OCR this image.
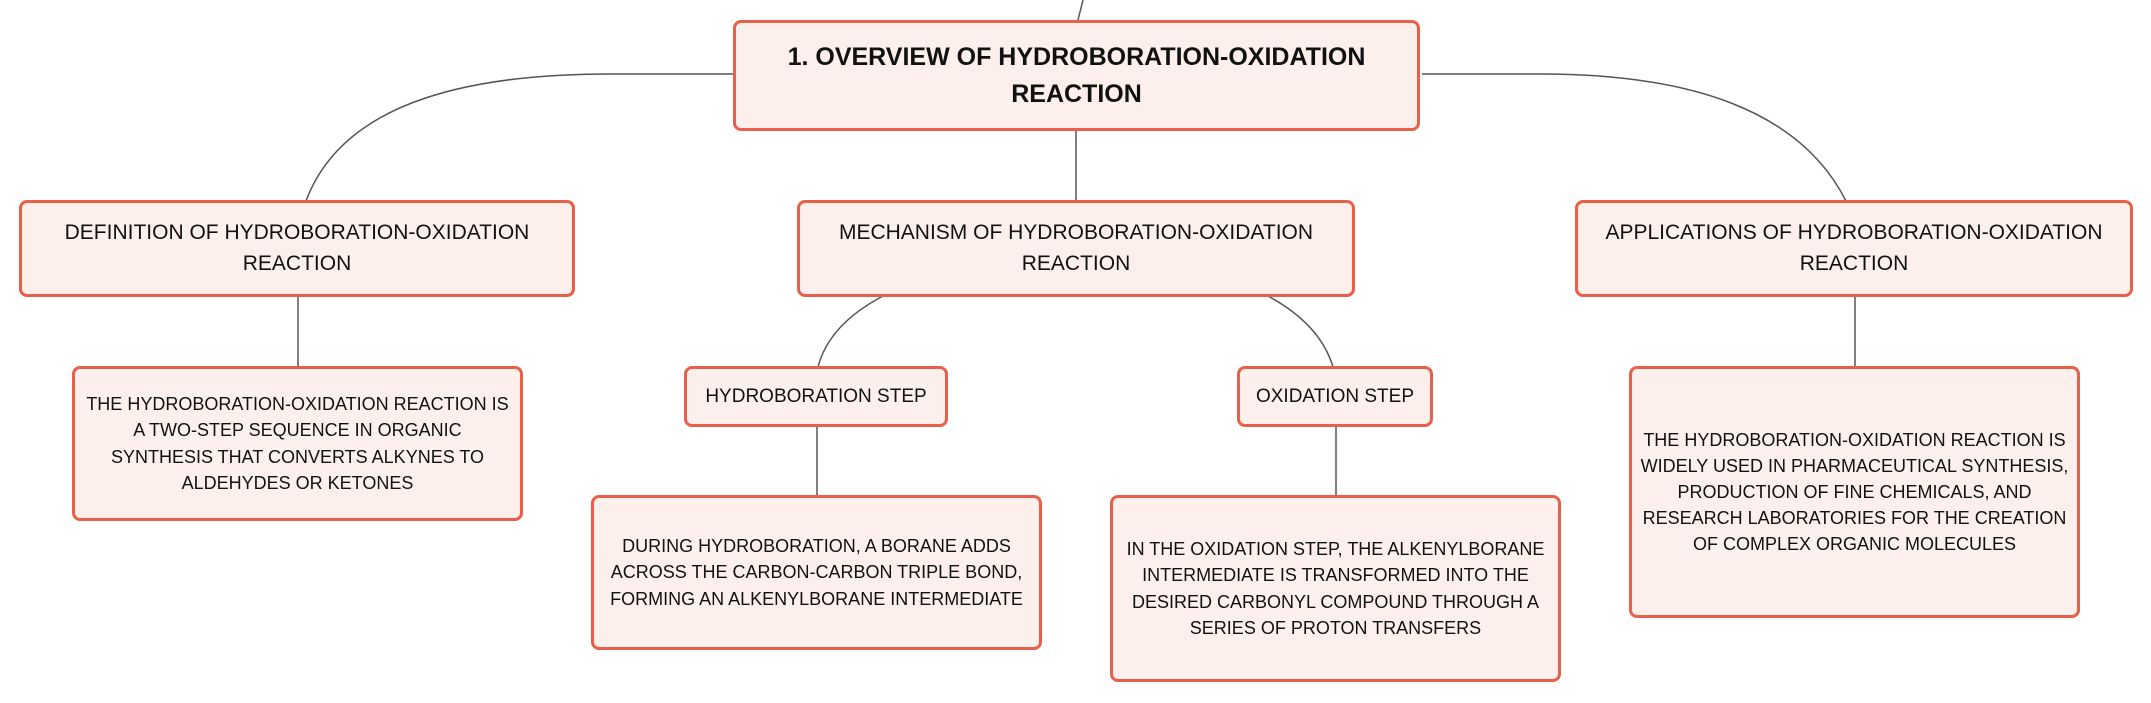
1. OVERVIEW OF HYDROBORATION-OXIDATION REACTION
DEFINITION OF HYDROBORATION-OXIDATION REACTION
MECHANISM OF HYDROBORATION-OXIDATION REACTION
APPLICATIONS OF HYDROBORATION-OXIDATION REACTION
THE HYDROBORATION-OXIDATION REACTION IS A TWO-STEP SEQUENCE IN ORGANIC SYNTHESIS THAT CONVERTS ALKYNES TO ALDEHYDES OR KETONES
HYDROBORATION STEP	OXIDATION STEP
DURING HYDROBORATION, A BORANE ADDS ACROSS THE CARBON-CARBON TRIPLE BOND, FORMING AN ALKENYLBORANE INTERMEDIATE
IN THE OXIDATION STEP, THE ALKENYLBORANE INTERMEDIATE IS TRANSFORMED INTO THE DESIRED CARBONYL COMPOUND THROUGH A SERIES OF PROTON TRANSFERS
THE HYDROBORATION-OXIDATION REACTION IS WIDELY USED IN PHARMACEUTICAL SYNTHESIS, PRODUCTION OF FINE CHEMICALS, AND RESEARCH LABORATORIES FOR THE CREATION OF COMPLEX ORGANIC MOLECULES
